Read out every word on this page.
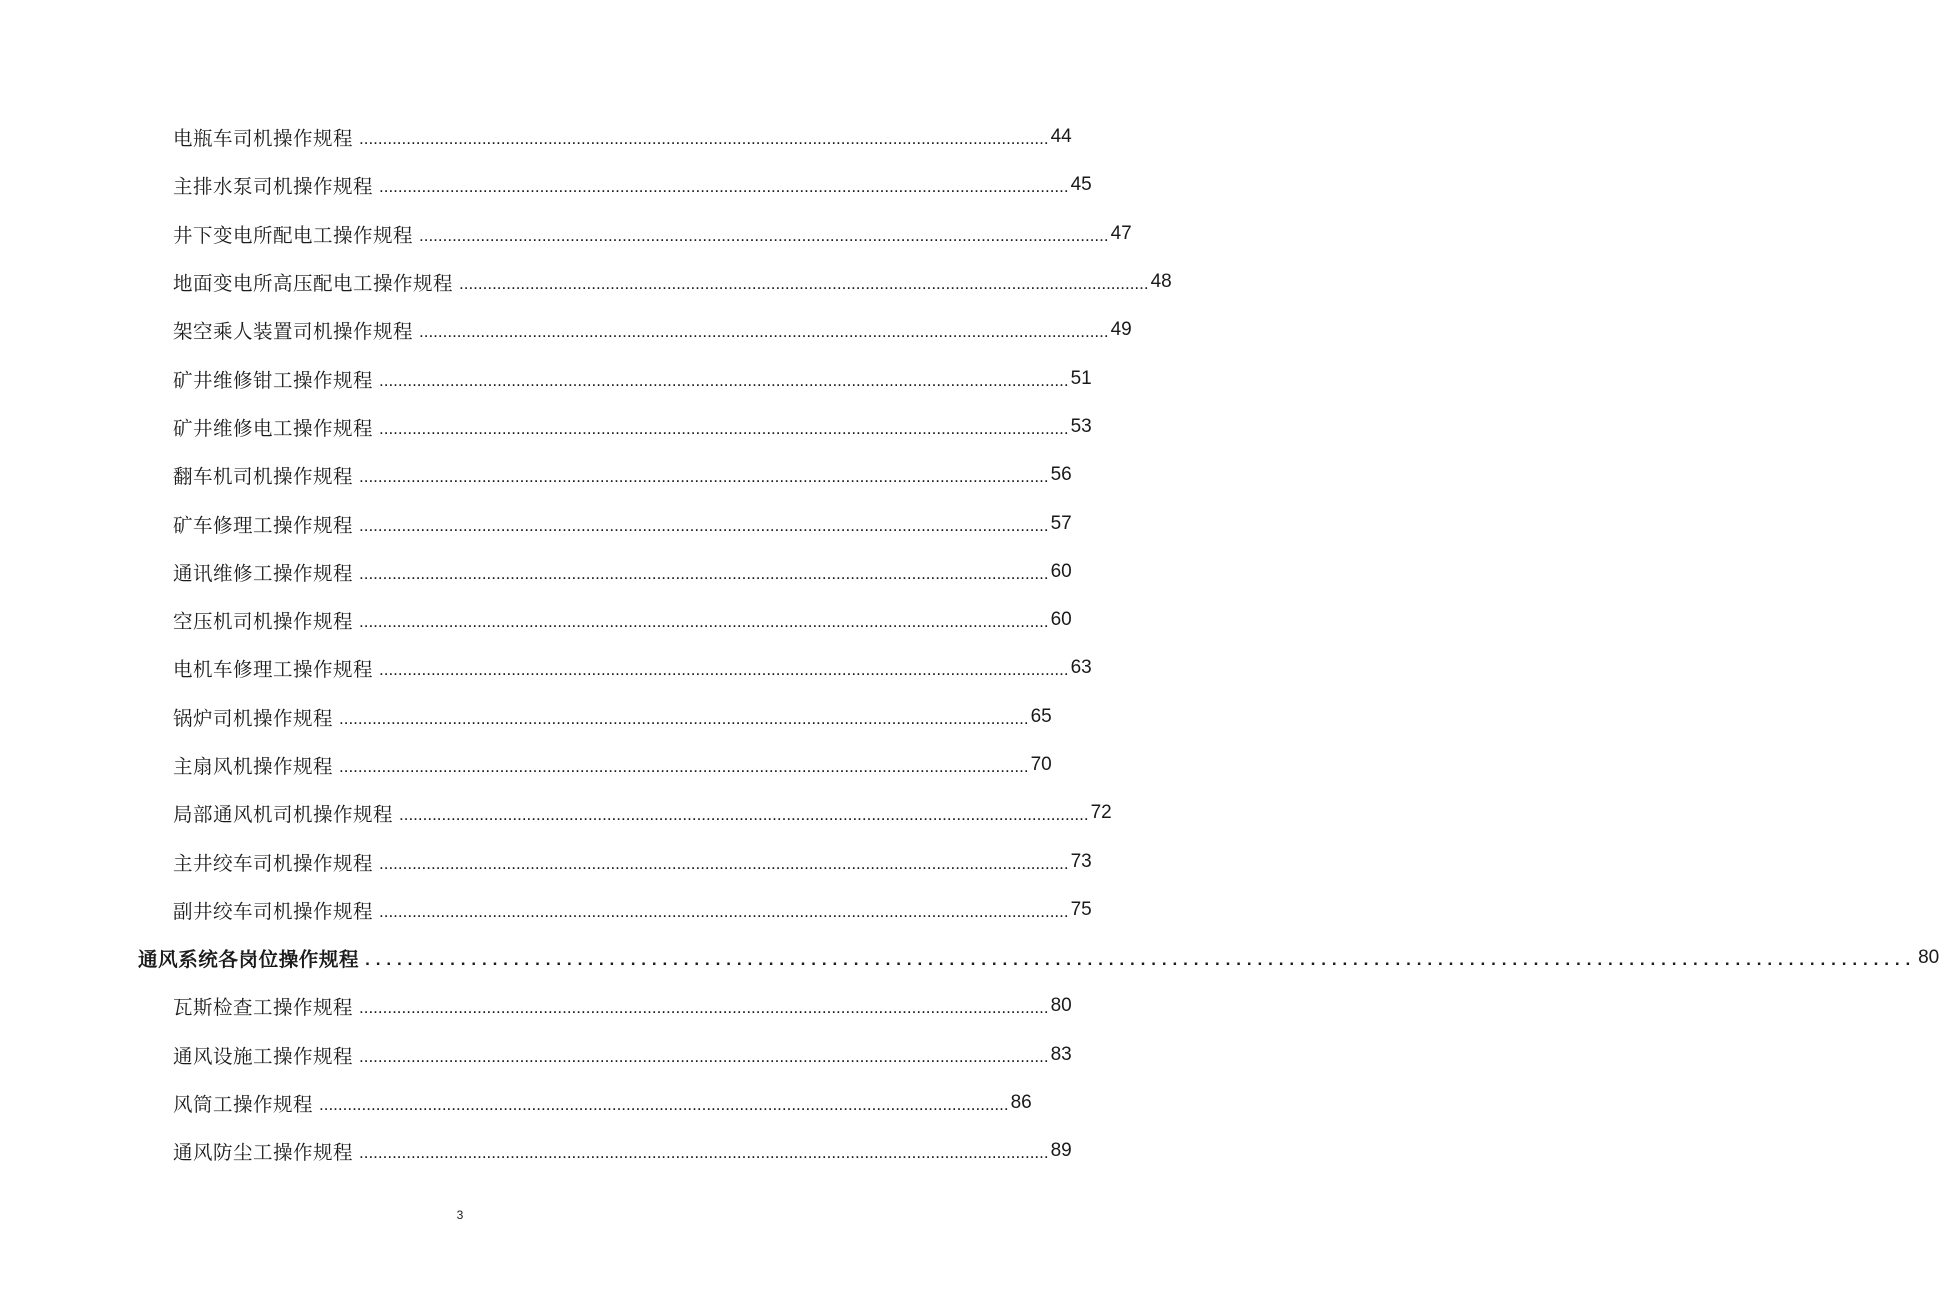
电瓶车司机操作规程 .................................................................................................................................................. 44
主排水泵司机操作规程 .................................................................................................................................................. 45
井下变电所配电工操作规程 .................................................................................................................................................. 47
地面变电所高压配电工操作规程 .................................................................................................................................................. 48
架空乘人装置司机操作规程 .................................................................................................................................................. 49
矿井维修钳工操作规程 .................................................................................................................................................. 51
矿井维修电工操作规程 .................................................................................................................................................. 53
翻车机司机操作规程 .................................................................................................................................................. 56
矿车修理工操作规程 .................................................................................................................................................. 57
通讯维修工操作规程 .................................................................................................................................................. 60
空压机司机操作规程 .................................................................................................................................................. 60
电机车修理工操作规程 .................................................................................................................................................. 63
锅炉司机操作规程 .................................................................................................................................................. 65
主扇风机操作规程 .................................................................................................................................................. 70
局部通风机司机操作规程 .................................................................................................................................................. 72
主井绞车司机操作规程 .................................................................................................................................................. 73
副井绞车司机操作规程 .................................................................................................................................................. 75
通风系统各岗位操作规程 .................................................................................................................................................. 80
瓦斯检查工操作规程 .................................................................................................................................................. 80
通风设施工操作规程 .................................................................................................................................................. 83
风筒工操作规程 .................................................................................................................................................. 86
通风防尘工操作规程 .................................................................................................................................................. 89
3
